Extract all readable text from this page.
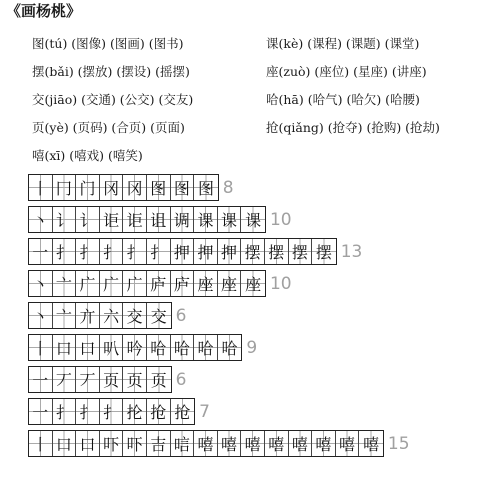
《画杨桃》
图(tú) (图像) (图画) (图书)	课(kè) (课程) (课题) (课堂)
摆(bǎi) (摆放) (摆设) (摇摆)	座(zuò) (座位) (星座) (讲座)
交(jiāo) (交通) (公交) (交友)	哈(hā) (哈气) (哈欠) (哈腰)
页(yè) (页码) (合页) (页面)	抢(qiǎng) (抢夺) (抢购) (抢劫)
嘻(xī) (嘻戏) (嘻笑)
丨 冂 门 冈 冈 图 图 图 8
丶 讠 讠 讵 讵 诅 调 课 课 课 10
一 扌 扌 扌 扌 扌 押 押 押 摆 摆 摆 摆 13
丶 亠 广 广 广 庐 庐 座 座 座 10
丶 亠 亣 六 交 交 6
丨 口 口 叭 吟 哈 哈 哈 哈 9
一 丆 丆 页 页 页 6
一 扌 扌 扌 抡 抢 抢 7
丨 口 口 吓 吓 吉 唁 嘻 嘻 嘻 嘻 嘻 嘻 嘻 嘻 15
